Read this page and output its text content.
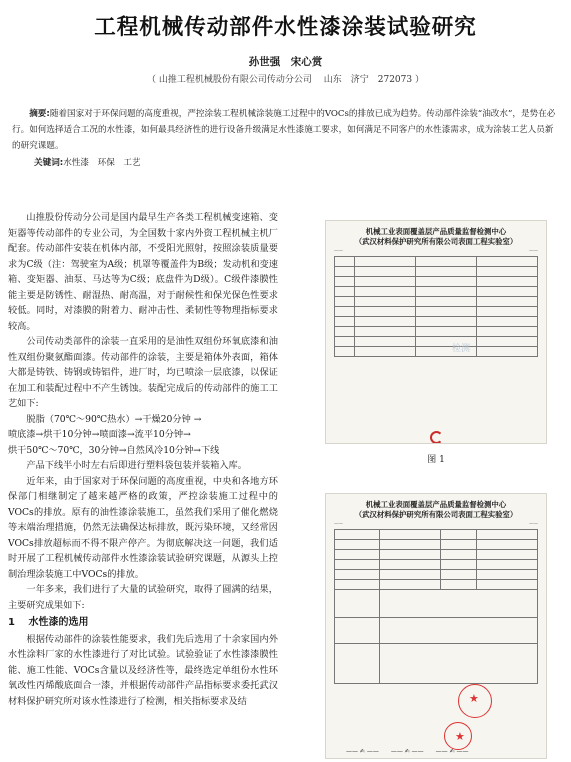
工程机械传动部件水性漆涂装试验研究
孙世强　宋心赏
（ 山推工程机械股份有限公司传动分公司　 山东　济宁　272073 ）
摘要:随着国家对于环保问题的高度重视，严控涂装工程机械涂装施工过程中的VOCs的排放已成为趋势。传动部件涂装“油改水”，是势在必行。如何选择适合工况的水性漆，如何最具经济性的进行设备升级满足水性漆施工要求，如何满足不同客户的水性漆需求，成为涂装工艺人员新的研究课题。
关键词:水性漆　环保　工艺

山推股份传动分公司是国内最早生产各类工程机械变速箱、变矩器等传动部件的专业公司，为全国数十家内外资工程机械主机厂配套。传动部件安装在机体内部，不受阳光照射，按照涂装质量要求为C级（注：驾驶室为A级；机罩等覆盖件为B级；发动机和变速箱、变矩器、油泵、马达等为C级；底盘件为D级）。C级件漆膜性能主要是防锈性、耐湿热、耐高温，对于耐候性和保光保色性要求较低。同时，对漆膜的附着力、耐冲击性、柔韧性等物理指标要求较高。

公司传动类部件的涂装一直采用的是油性双组份环氧底漆和油性双组份聚氨酯面漆。传动部件的涂装，主要是箱体外表面，箱体大都是铸铁、铸钢或铸铝件，进厂时，均已喷涂一层底漆，以保证在加工和装配过程中不产生锈蚀。装配完成后的传动部件的施工工艺如下:

脱脂（70℃～90℃热水）→干燥20分钟 →

喷底漆→烘干10分钟→喷面漆→流平10分钟→

烘干50℃～70℃，30分钟→自然风冷10分钟→下线

产品下线半小时左右后即进行塑料袋包装并装箱入库。

近年来，由于国家对于环保问题的高度重视，中央和各地方环保部门相继制定了越来越严格的政策，严控涂装施工过程中的VOCs的排放。原有的油性漆涂装施工，虽然我们采用了催化燃烧等末端治理措施，仍然无法确保达标排放，既污染环境，又经常因VOCs排放超标而不得不限产停产。为彻底解决这一问题，我们适时开展了工程机械传动部件水性漆涂装试验研究课题，从源头上控制治理涂装施工中VOCs的排放。

一年多来，我们进行了大量的试验研究，取得了圆满的结果，主要研究成果如下:

1　 水性漆的选用

根据传动部件的涂装性能要求，我们先后选用了十余家国内外水性涂料厂家的水性漆进行了对比试验。试验验证了水性漆漆膜性能、施工性能、VOCs含量以及经济性等，最终选定单组份水性环氧改性丙烯酸底面合一漆，并根据传动部件产品指标要求委托武汉材料保护研究所对该水性漆进行了检测，相关指标要求及结

机械工业表面覆盖层产品质量监督检测中心
（武汉材料保护研究所有限公司表面工程实验室）
——	——

检测
图 1
机械工业表面覆盖层产品质量监督检测中心
（武汉材料保护研究所有限公司表面工程实验室）
——	——

★
★
—— ✍ ——　　—— ✍ ——　　—— ✍ ——
